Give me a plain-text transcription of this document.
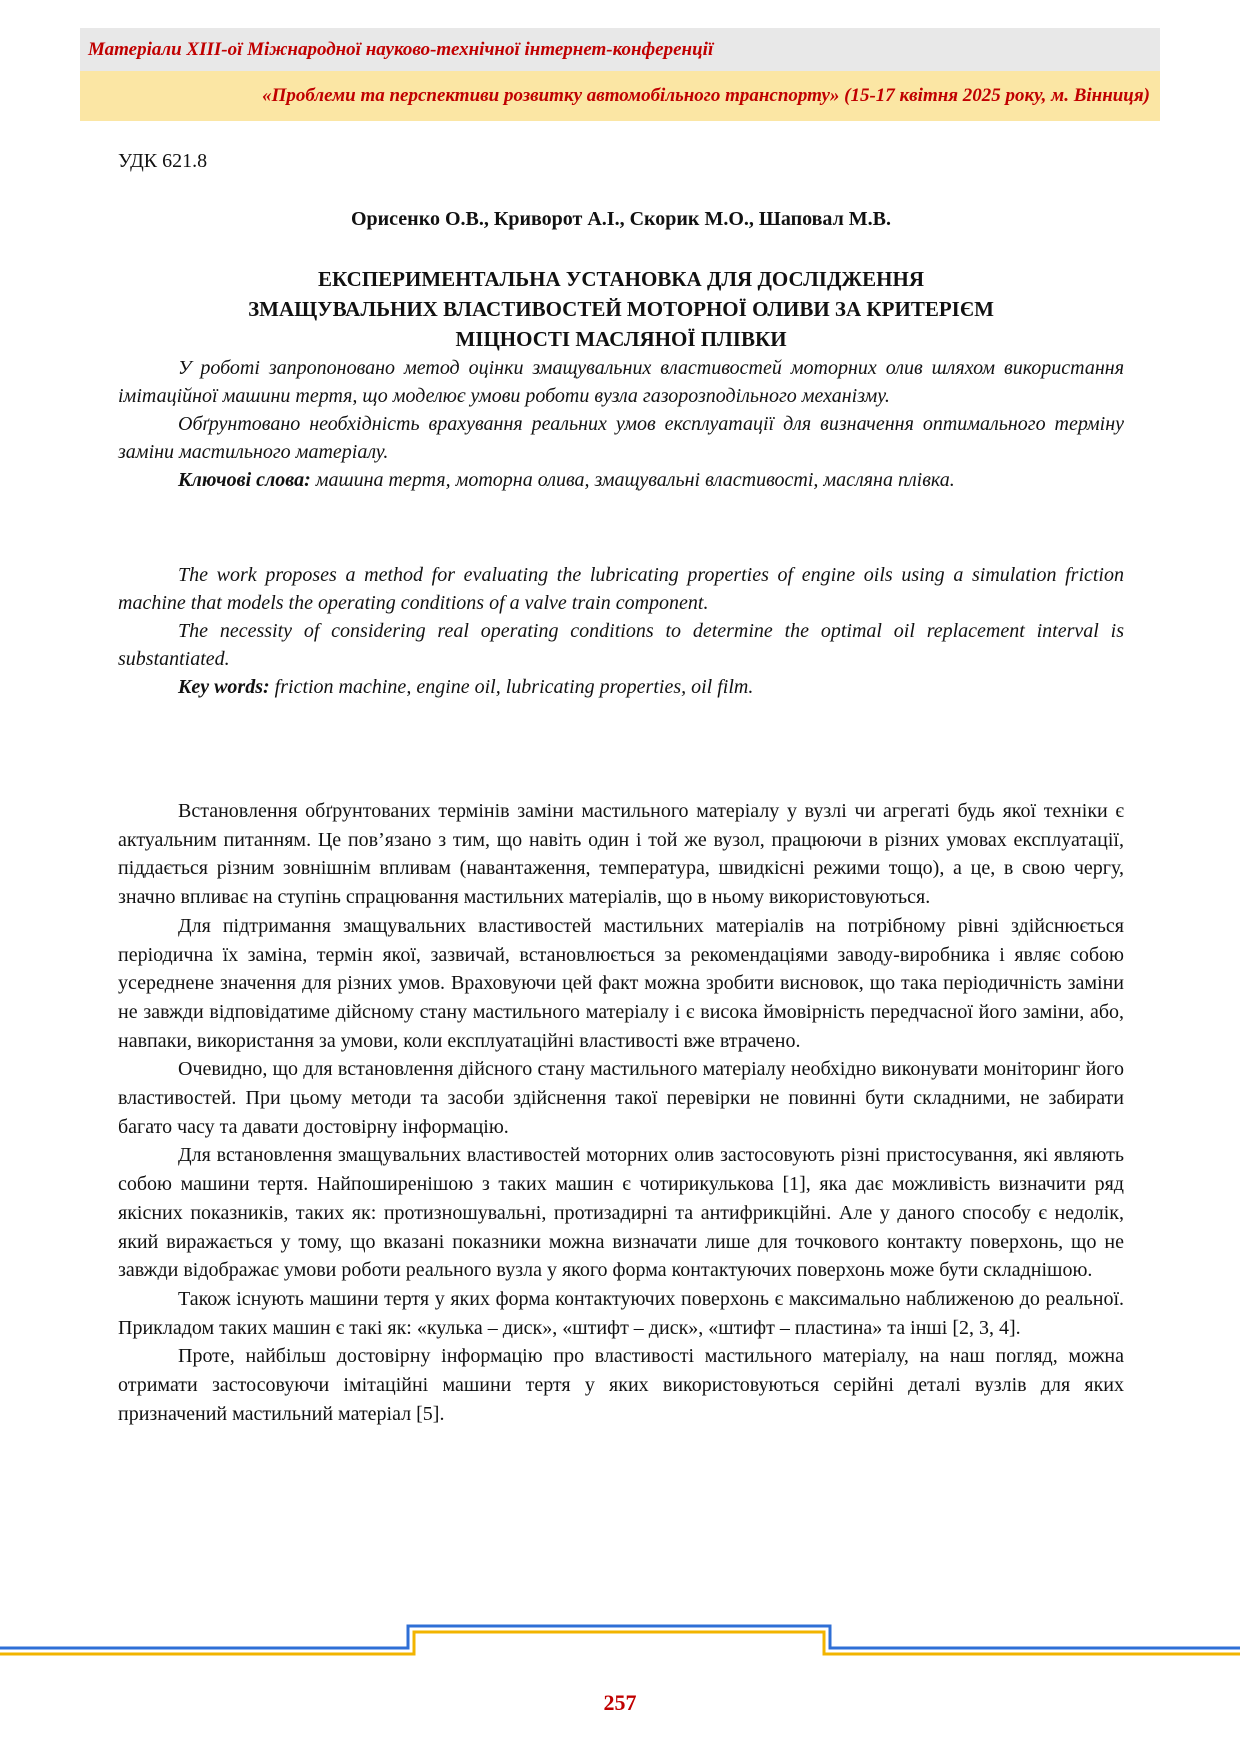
Матеріали XIII-ої Міжнародної науково-технічної інтернет-конференції
«Проблеми та перспективи розвитку автомобільного транспорту» (15-17 квітня 2025 року, м. Вінниця)
УДК 621.8
Орисенко О.В., Криворот А.І., Скорик М.О., Шаповал М.В.
ЕКСПЕРИМЕНТАЛЬНА УСТАНОВКА ДЛЯ ДОСЛІДЖЕННЯ
ЗМАЩУВАЛЬНИХ ВЛАСТИВОСТЕЙ МОТОРНОЇ ОЛИВИ ЗА КРИТЕРІЄМ
МІЦНОСТІ МАСЛЯНОЇ ПЛІВКИ

У роботі запропоновано метод оцінки змащувальних властивостей моторних олив шляхом використання імітаційної машини тертя, що моделює умови роботи вузла газорозподільного механізму.

Обґрунтовано необхідність врахування реальних умов експлуатації для визначення оптимального терміну заміни мастильного матеріалу.

Ключові слова: машина тертя, моторна олива, змащувальні властивості, масляна плівка.

The work proposes a method for evaluating the lubricating properties of engine oils using a simulation friction machine that models the operating conditions of a valve train component.

The necessity of considering real operating conditions to determine the optimal oil replacement interval is substantiated.

Key words: friction machine, engine oil, lubricating properties, oil film.

Встановлення обґрунтованих термінів заміни мастильного матеріалу у вузлі чи агрегаті будь якої техніки є актуальним питанням. Це пов’язано з тим, що навіть один і той же вузол, працюючи в різних умовах експлуатації, піддається різним зовнішнім впливам (навантаження, температура, швидкісні режими тощо), а це, в свою чергу, значно впливає на ступінь спрацювання мастильних матеріалів, що в ньому використовуються.

Для підтримання змащувальних властивостей мастильних матеріалів на потрібному рівні здійснюється періодична їх заміна, термін якої, зазвичай, встановлюється за рекомендаціями заводу-виробника і являє собою усереднене значення для різних умов. Враховуючи цей факт можна зробити висновок, що така періодичність заміни не завжди відповідатиме дійсному стану мастильного матеріалу і є висока ймовірність передчасної його заміни, або, навпаки, використання за умови, коли експлуатаційні властивості вже втрачено.

Очевидно, що для встановлення дійсного стану мастильного матеріалу необхідно виконувати моніторинг його властивостей. При цьому методи та засоби здійснення такої перевірки не повинні бути складними, не забирати багато часу та давати достовірну інформацію.

Для встановлення змащувальних властивостей моторних олив застосовують різні пристосування, які являють собою машини тертя. Найпоширенішою з таких машин є чотирикулькова [1], яка дає можливість визначити ряд якісних показників, таких як: протизношувальні, протизадирні та антифрикційні. Але у даного способу є недолік, який виражається у тому, що вказані показники можна визначати лише для точкового контакту поверхонь, що не завжди відображає умови роботи реального вузла у якого форма контактуючих поверхонь може бути складнішою.

Також існують машини тертя у яких форма контактуючих поверхонь є максимально наближеною до реальної. Прикладом таких машин є такі як: «кулька – диск», «штифт – диск», «штифт – пластина» та інші [2, 3, 4].

Проте, найбільш достовірну інформацію про властивості мастильного матеріалу, на наш погляд, можна отримати застосовуючи імітаційні машини тертя у яких використовуються серійні деталі вузлів для яких призначений мастильний матеріал [5].

257
